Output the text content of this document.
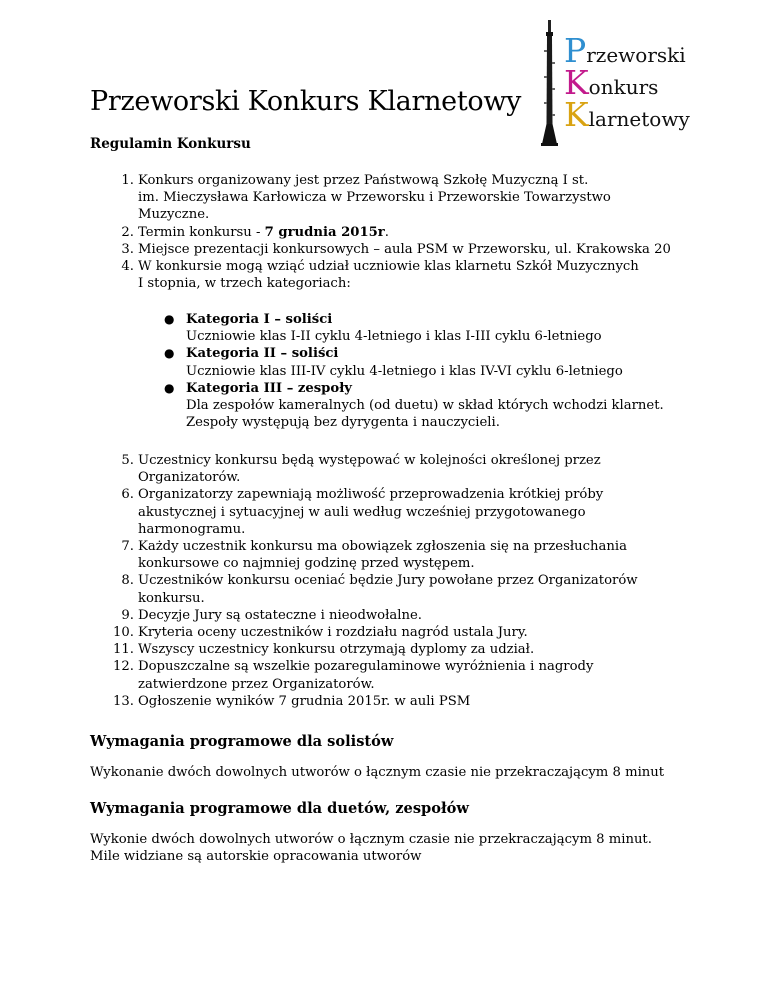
Przeworski Konkurs Klarnetowy
Przeworski
Konkurs
Klarnetowy
Regulamin Konkursu
1. Konkurs organizowany jest przez Państwową Szkołę Muzyczną I st.
im. Mieczysława Karłowicza w Przeworsku i Przeworskie Towarzystwo
Muzyczne.
2. Termin konkursu - 7 grudnia 2015r.
3. Miejsce prezentacji konkursowych – aula PSM w Przeworsku, ul. Krakowska 20
4. W konkursie mogą wziąć udział uczniowie klas klarnetu Szkół Muzycznych
I stopnia, w trzech kategoriach:
● Kategoria I – soliści
Uczniowie klas I-II cyklu 4-letniego i klas I-III cyklu 6-letniego
● Kategoria II – soliści
Uczniowie klas III-IV cyklu 4-letniego i klas IV-VI cyklu 6-letniego
● Kategoria III – zespoły
Dla zespołów kameralnych (od duetu) w skład których wchodzi klarnet.
Zespoły występują bez dyrygenta i nauczycieli.
5. Uczestnicy konkursu będą występować w kolejności określonej przez
Organizatorów.
6. Organizatorzy zapewniają możliwość przeprowadzenia krótkiej próby
akustycznej i sytuacyjnej w auli według wcześniej przygotowanego
harmonogramu.
7. Każdy uczestnik konkursu ma obowiązek zgłoszenia się na przesłuchania
konkursowe co najmniej godzinę przed występem.
8. Uczestników konkursu oceniać będzie Jury powołane przez Organizatorów
konkursu.
9. Decyzje Jury są ostateczne i nieodwołalne.
10. Kryteria oceny uczestników i rozdziału nagród ustala Jury.
11. Wszyscy uczestnicy konkursu otrzymają dyplomy za udział.
12. Dopuszczalne są wszelkie pozaregulaminowe wyróżnienia i nagrody
zatwierdzone przez Organizatorów.
13. Ogłoszenie wyników 7 grudnia 2015r. w auli PSM
Wymagania programowe dla solistów

Wykonanie dwóch dowolnych utworów o łącznym czasie nie przekraczającym 8 minut

Wymagania programowe dla duetów, zespołów

Wykonie dwóch dowolnych utworów o łącznym czasie nie przekraczającym 8 minut.
Mile widziane są autorskie opracowania utworów
